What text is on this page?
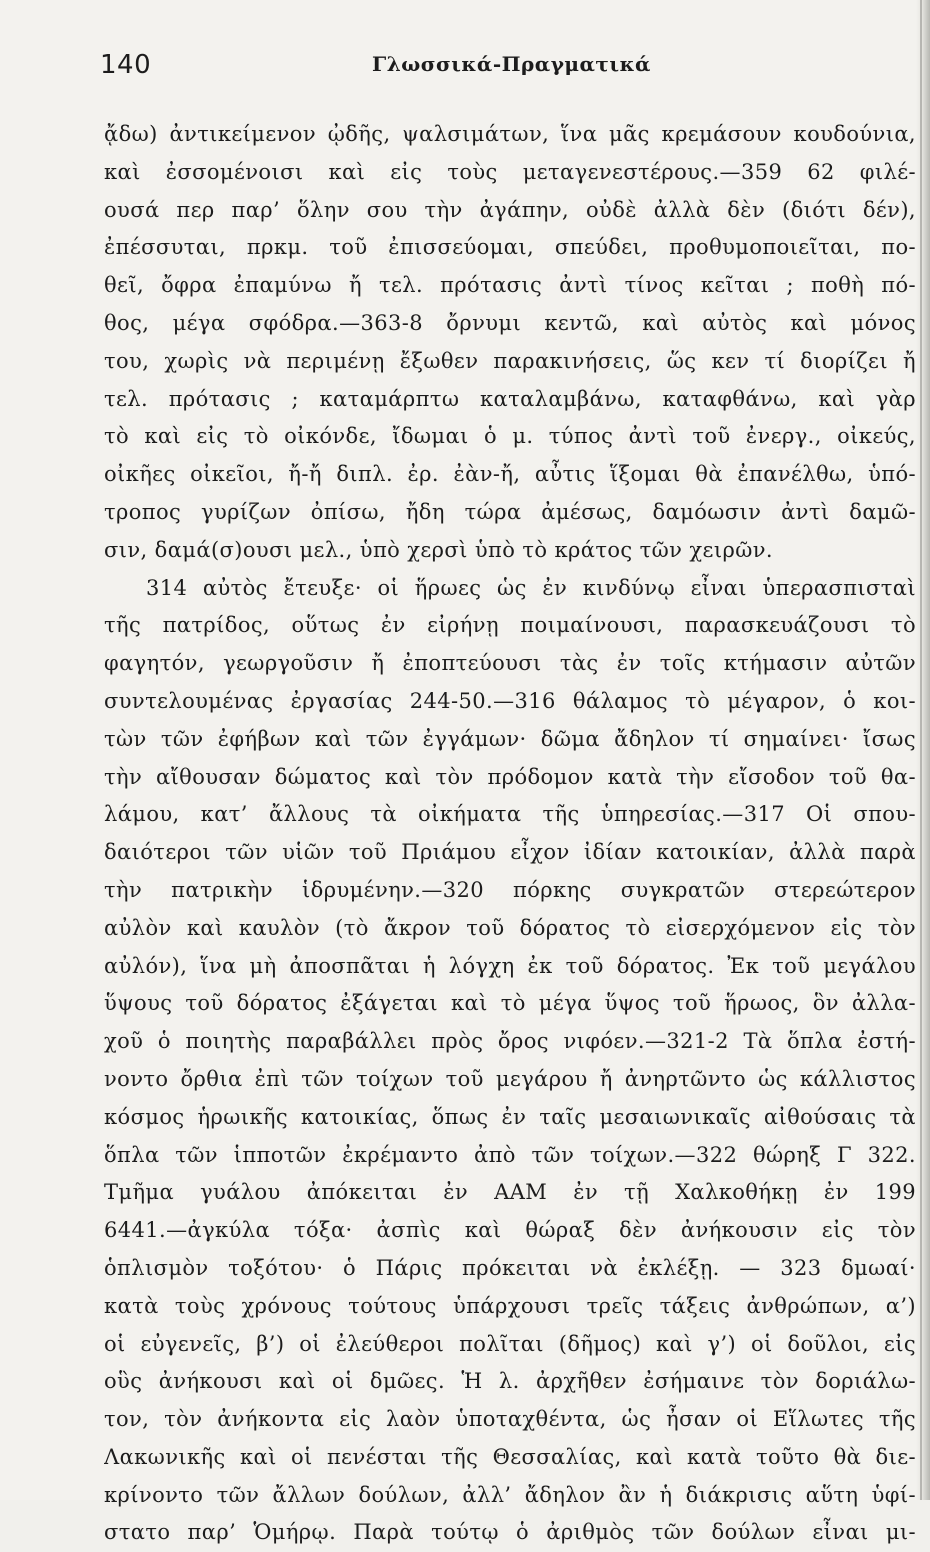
140	Γλωσσικά-Πραγματικά
ᾄδω) ἀντικείμενον ᾠδῆς, ψαλσιμάτων, ἵνα μᾶς κρεμάσουν κουδούνια,
καὶ ἐσσομένοισι καὶ εἰς τοὺς μεταγενεστέρους.—359 62 φιλέ-
ουσά περ παρ’ ὅλην σου τὴν ἀγάπην, οὐδὲ ἀλλὰ δὲν (διότι δέν),
ἐπέσσυται, πρκμ. τοῦ ἐπισσεύομαι, σπεύδει, προθυμοποιεῖται, πο-
θεῖ, ὄφρα ἐπαμύνω ἤ τελ. πρότασις ἀντὶ τίνος κεῖται ; ποθὴ πό-
θος, μέγα σφόδρα.—363-8 ὄρνυμι κεντῶ, καὶ αὐτὸς καὶ μόνος
του, χωρὶς νὰ περιμένῃ ἔξωθεν παρακινήσεις, ὥς κεν τί διορίζει ἤ
τελ. πρότασις ; καταμάρπτω καταλαμβάνω, καταφθάνω, καὶ γὰρ
τὸ καὶ εἰς τὸ οἰκόνδε, ἴδωμαι ὁ μ. τύπος ἀντὶ τοῦ ἐνεργ., οἰκεύς,
οἰκῆες οἰκεῖοι, ἤ-ἤ διπλ. ἐρ. ἐὰν-ἤ, αὖτις ἵξομαι θὰ ἐπανέλθω, ὑπό-
τροπος γυρίζων ὀπίσω, ἤδη τώρα ἀμέσως, δαμόωσιν ἀντὶ δαμῶ-
σιν, δαμά(σ)ουσι μελ., ὑπὸ χερσὶ ὑπὸ τὸ κράτος τῶν χειρῶν.
314 αὐτὸς ἔτευξε· οἱ ἥρωες ὡς ἐν κινδύνῳ εἶναι ὑπερασπισταὶ
τῆς πατρίδος, οὕτως ἐν εἰρήνῃ ποιμαίνουσι, παρασκευάζουσι τὸ
φαγητόν, γεωργοῦσιν ἤ ἐποπτεύουσι τὰς ἐν τοῖς κτήμασιν αὐτῶν
συντελουμένας ἐργασίας 244-50.—316 θάλαμος τὸ μέγαρον, ὁ κοι-
τὼν τῶν ἐφήβων καὶ τῶν ἐγγάμων· δῶμα ἄδηλον τί σημαίνει· ἴσως
τὴν αἴθουσαν δώματος καὶ τὸν πρόδομον κατὰ τὴν εἴσοδον τοῦ θα-
λάμου, κατ’ ἄλλους τὰ οἰκήματα τῆς ὑπηρεσίας.—317 Οἱ σπου-
δαιότεροι τῶν υἱῶν τοῦ Πριάμου εἶχον ἰδίαν κατοικίαν, ἀλλὰ παρὰ
τὴν πατρικὴν ἱδρυμένην.—320 πόρκης συγκρατῶν στερεώτερον
αὐλὸν καὶ καυλὸν (τὸ ἄκρον τοῦ δόρατος τὸ εἰσερχόμενον εἰς τὸν
αὐλόν), ἵνα μὴ ἀποσπᾶται ἡ λόγχη ἐκ τοῦ δόρατος. Ἐκ τοῦ μεγάλου
ὕψους τοῦ δόρατος ἐξάγεται καὶ τὸ μέγα ὕψος τοῦ ἥρωος, ὃν ἀλλα-
χοῦ ὁ ποιητὴς παραβάλλει πρὸς ὄρος νιφόεν.—321-2 Τὰ ὅπλα ἐστή-
νοντο ὄρθια ἐπὶ τῶν τοίχων τοῦ μεγάρου ἤ ἀνηρτῶντο ὡς κάλλιστος
κόσμος ἡρωικῆς κατοικίας, ὅπως ἐν ταῖς μεσαιωνικαῖς αἰθούσαις τὰ
ὅπλα τῶν ἱπποτῶν ἐκρέμαντο ἀπὸ τῶν τοίχων.—322 θώρηξ Γ 322.
Τμῆμα γυάλου ἀπόκειται ἐν ΑΑΜ ἐν τῇ Χαλκοθήκῃ ἐν 199
6441.—ἀγκύλα τόξα· ἀσπὶς καὶ θώραξ δὲν ἀνήκουσιν εἰς τὸν
ὁπλισμὸν τοξότου· ὁ Πάρις πρόκειται νὰ ἐκλέξῃ. — 323 δμωαί·
κατὰ τοὺς χρόνους τούτους ὑπάρχουσι τρεῖς τάξεις ἀνθρώπων, α’)
οἱ εὐγενεῖς, β’) οἱ ἐλεύθεροι πολῖται (δῆμος) καὶ γ’) οἱ δοῦλοι, εἰς
οὓς ἀνήκουσι καὶ οἱ δμῶες. Ἡ λ. ἀρχῆθεν ἐσήμαινε τὸν δοριάλω-
τον, τὸν ἀνήκοντα εἰς λαὸν ὑποταχθέντα, ὡς ἦσαν οἱ Εἵλωτες τῆς
Λακωνικῆς καὶ οἱ πενέσται τῆς Θεσσαλίας, καὶ κατὰ τοῦτο θὰ διε-
κρίνοντο τῶν ἄλλων δούλων, ἀλλ’ ἄδηλον ἂν ἡ διάκρισις αὕτη ὑφί-
στατο παρ’ Ὁμήρῳ. Παρὰ τούτῳ ὁ ἀριθμὸς τῶν δούλων εἶναι μι-
